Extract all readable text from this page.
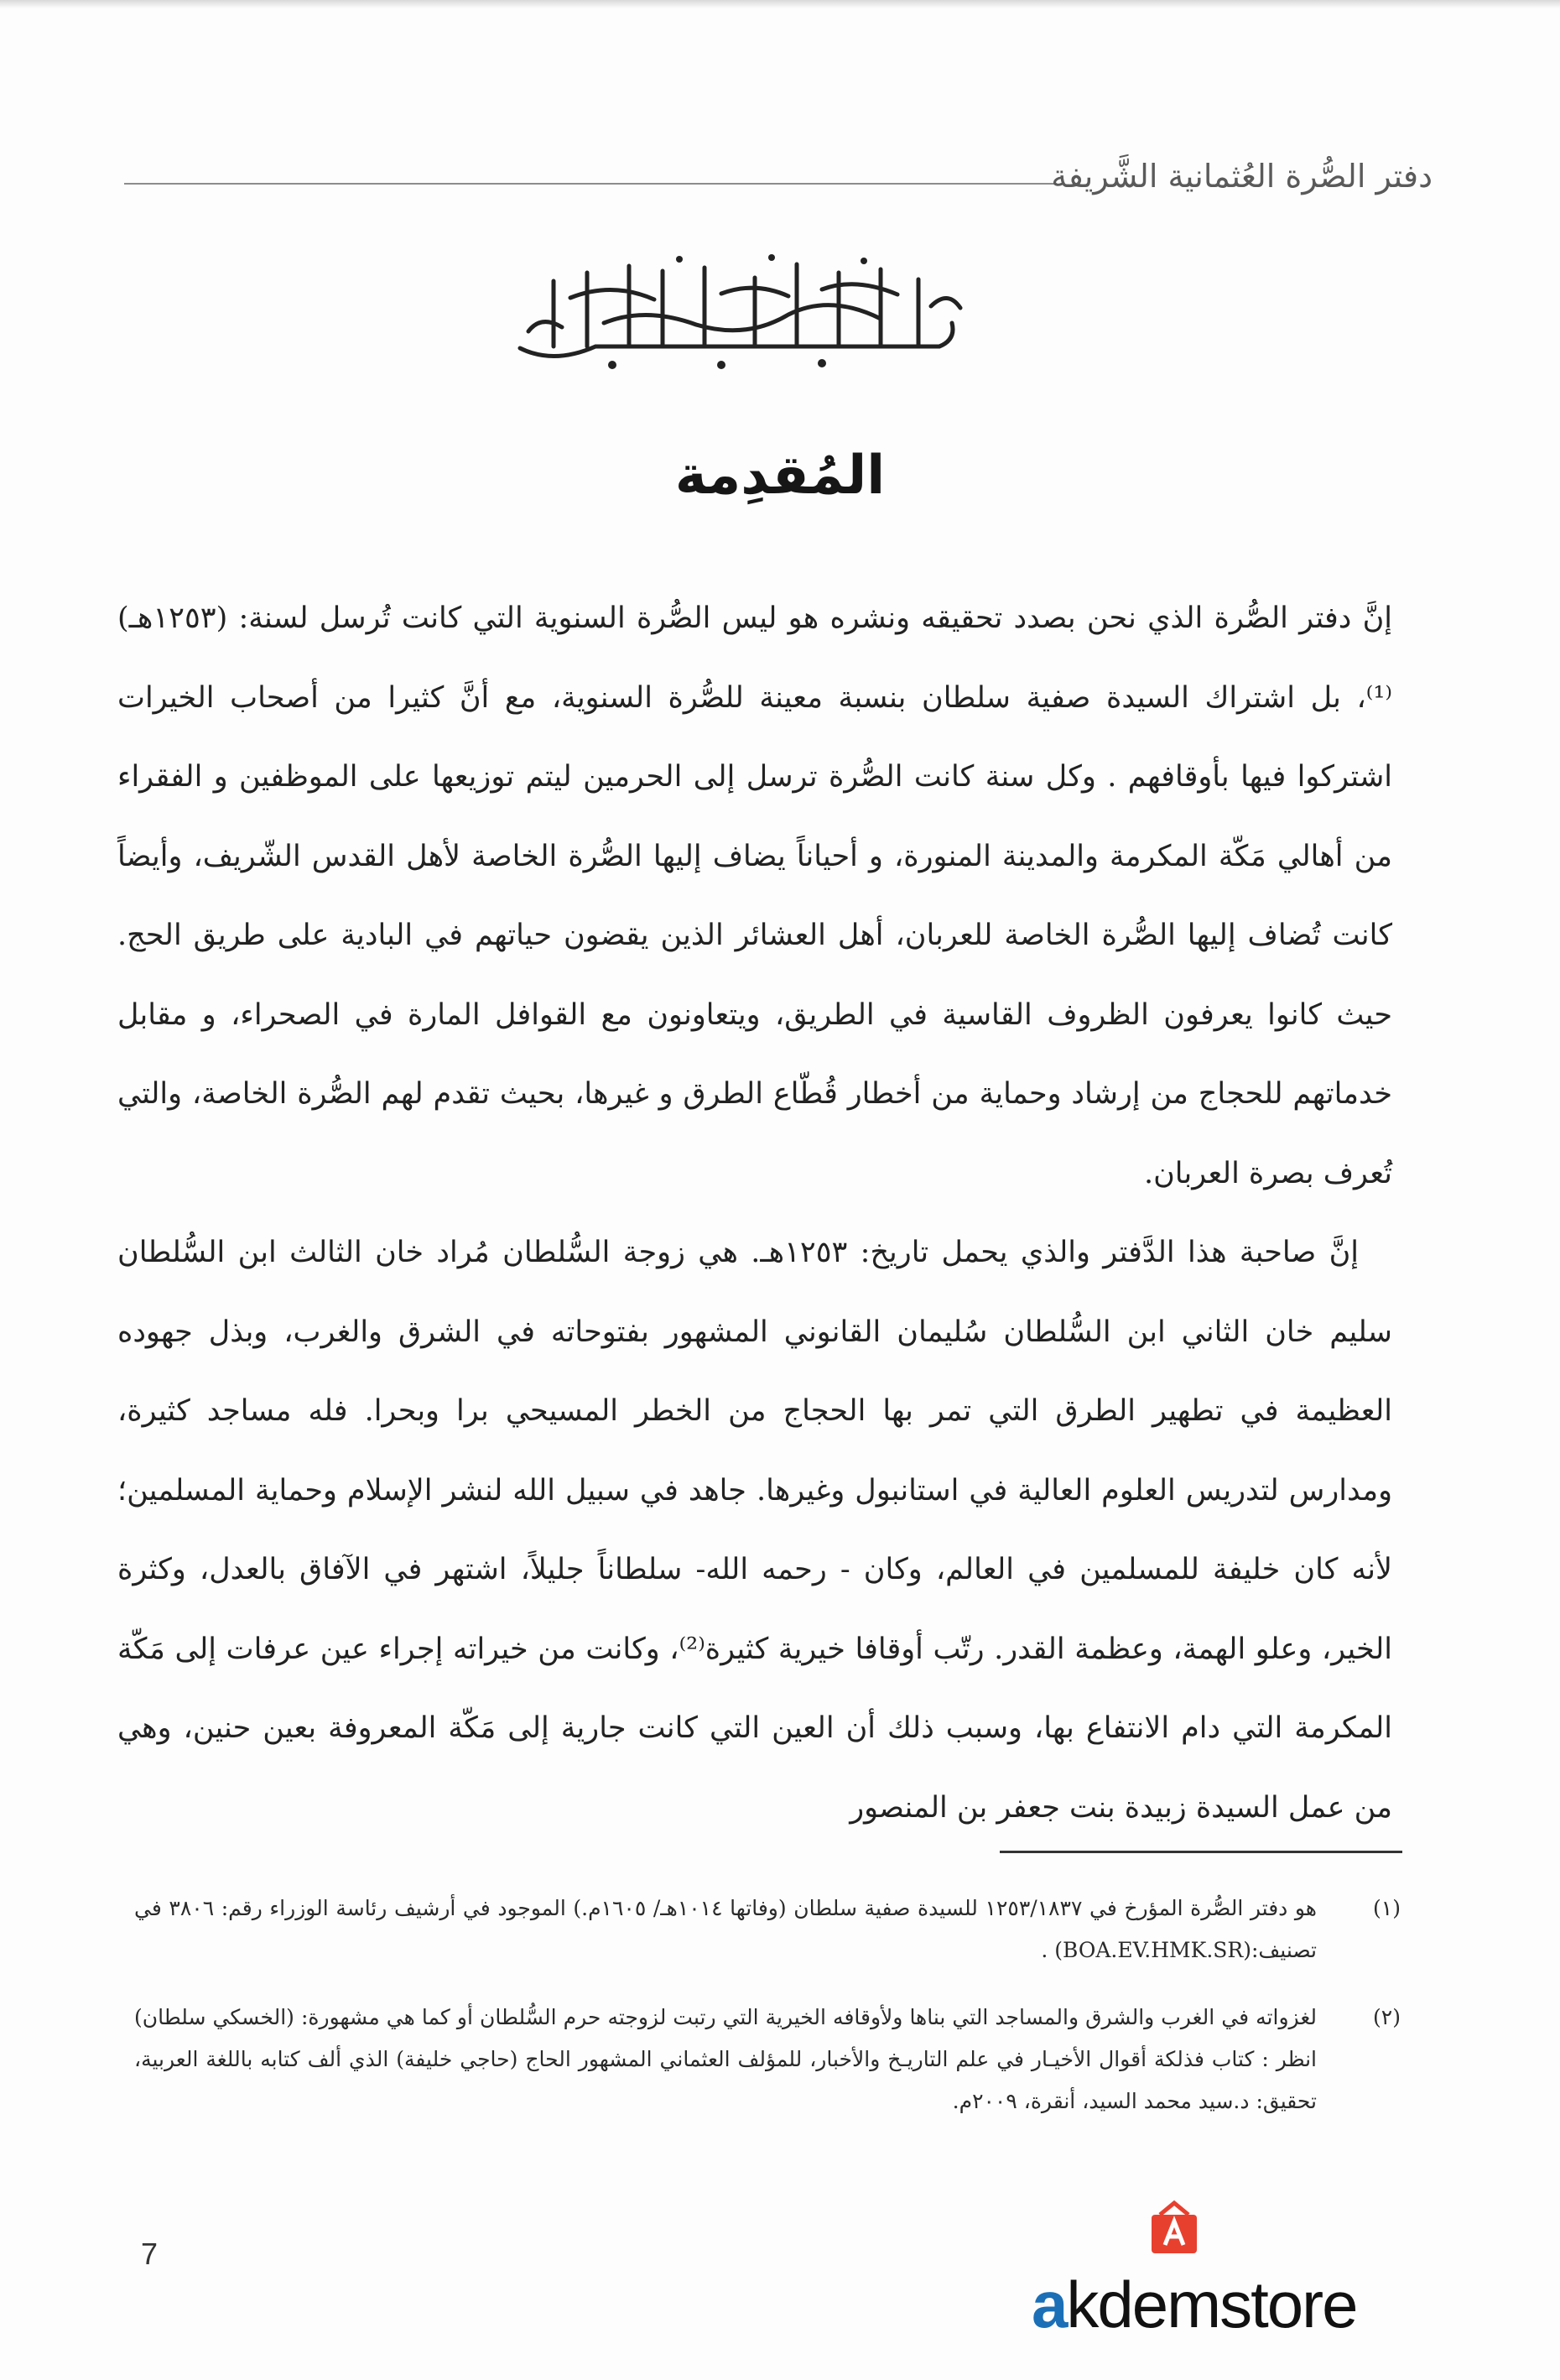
دفتر الصُّرة العُثمانية الشَّريفة
المُقدِمة

إنَّ دفتر الصُّرة الذي نحن بصدد تحقيقه ونشره هو ليس الصُّرة السنوية التي كانت تُرسل لسنة: (١٢٥٣هـ)⁽¹⁾، بل اشتراك السيدة صفية سلطان بنسبة معينة للصُّرة السنوية، مع أنَّ كثيرا من أصحاب الخيرات اشتركوا فيها بأوقافهم . وكل سنة كانت الصُّرة ترسل إلى الحرمين ليتم توزيعها على الموظفين و الفقراء من أهالي مَكّة المكرمة والمدينة المنورة، و أحياناً يضاف إليها الصُّرة الخاصة لأهل القدس الشّريف، وأيضاً كانت تُضاف إليها الصُّرة الخاصة للعربان، أهل العشائر الذين يقضون حياتهم في البادية على طريق الحج. حيث كانوا يعرفون الظروف القاسية في الطريق، ويتعاونون مع القوافل المارة في الصحراء، و مقابل خدماتهم للحجاج من إرشاد وحماية من أخطار قُطّاع الطرق و غيرها، بحيث تقدم لهم الصُّرة الخاصة، والتي تُعرف بصرة العربان.

إنَّ صاحبة هذا الدَّفتر والذي يحمل تاريخ: ١٢٥٣هـ. هي زوجة السُّلطان مُراد خان الثالث ابن السُّلطان سليم خان الثاني ابن السُّلطان سُليمان القانوني المشهور بفتوحاته في الشرق والغرب، وبذل جهوده العظيمة في تطهير الطرق التي تمر بها الحجاج من الخطر المسيحي برا وبحرا. فله مساجد كثيرة، ومدارس لتدريس العلوم العالية في استانبول وغيرها. جاهد في سبيل الله لنشر الإسلام وحماية المسلمين؛ لأنه كان خليفة للمسلمين في العالم، وكان - رحمه الله- سلطاناً جليلاً، اشتهر في الآفاق بالعدل، وكثرة الخير، وعلو الهمة، وعظمة القدر. رتّب أوقافا خيرية كثيرة⁽²⁾، وكانت من خيراته إجراء عين عرفات إلى مَكّة المكرمة التي دام الانتفاع بها، وسبب ذلك أن العين التي كانت جارية إلى مَكّة المعروفة بعين حنين، وهي من عمل السيدة زبيدة بنت جعفر بن المنصور

(١)
هو دفتر الصُّرة المؤرخ في ١٢٥٣/١٨٣٧ للسيدة صفية سلطان (وفاتها ١٠١٤هـ/ ١٦٠٥م.) الموجود في أرشيف رئاسة الوزراء رقم: ٣٨٠٦ في تصنيف:(BOA.EV.HMK.SR) .
(٢)
لغزواته في الغرب والشرق والمساجد التي بناها ولأوقافه الخيرية التي رتبت لزوجته حرم السُّلطان أو كما هي مشهورة: (الخسكي سلطان) انظر : كتاب فذلكة أقوال الأخيـار في علم التاريـخ والأخبار، للمؤلف العثماني المشهور الحاج (حاجي خليفة) الذي ألف كتابه باللغة العربية، تحقيق: د.سيد محمد السيد، أنقرة، ٢٠٠٩م.
7
akdemstore
